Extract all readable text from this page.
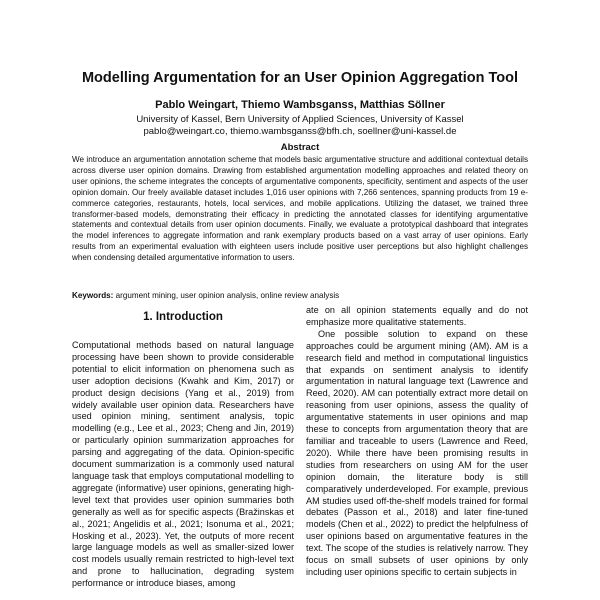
Modelling Argumentation for an User Opinion Aggregation Tool

Pablo Weingart, Thiemo Wambsganss, Matthias Söllner

University of Kassel, Bern University of Applied Sciences, University of Kassel

pablo@weingart.co, thiemo.wambsganss@bfh.ch, soellner@uni-kassel.de

Abstract

We introduce an argumentation annotation scheme that models basic argumentative structure and additional contextual details across diverse user opinion domains. Drawing from established argumentation modelling approaches and related theory on user opinions, the scheme integrates the concepts of argumentative components, specificity, sentiment and aspects of the user opinion domain. Our freely available dataset includes 1,016 user opinions with 7,266 sentences, spanning products from 19 e-commerce categories, restaurants, hotels, local services, and mobile applications. Utilizing the dataset, we trained three transformer-based models, demonstrating their efficacy in predicting the annotated classes for identifying argumentative statements and contextual details from user opinion documents. Finally, we evaluate a prototypical dashboard that integrates the model inferences to aggregate information and rank exemplary products based on a vast array of user opinions. Early results from an experimental evaluation with eighteen users include positive user perceptions but also highlight challenges when condensing detailed argumentative information to users.

Keywords: argument mining, user opinion analysis, online review analysis

1. Introduction

Computational methods based on natural language processing have been shown to provide considerable potential to elicit information on phenomena such as user adoption decisions (Kwahk and Kim, 2017) or product design decisions (Yang et al., 2019) from widely available user opinion data. Researchers have used opinion mining, sentiment analysis, topic modelling (e.g., Lee et al., 2023; Cheng and Jin, 2019) or particularly opinion summarization approaches for parsing and aggregating of the data. Opinion-specific document summarization is a commonly used natural language task that employs computational modelling to aggregate (informative) user opinions, generating high-level text that provides user opinion summaries both generally as well as for specific aspects (Bražinskas et al., 2021; Angelidis et al., 2021; Isonuma et al., 2021; Hosking et al., 2023). Yet, the outputs of more recent large language models as well as smaller-sized lower cost models usually remain restricted to high-level text and prone to hallucination, degrading system performance or introduce biases, among

ate on all opinion statements equally and do not emphasize more qualitative statements.

One possible solution to expand on these approaches could be argument mining (AM). AM is a research field and method in computational linguistics that expands on sentiment analysis to identify argumentation in natural language text (Lawrence and Reed, 2020). AM can potentially extract more detail on reasoning from user opinions, assess the quality of argumentative statements in user opinions and map these to concepts from argumentation theory that are familiar and traceable to users (Lawrence and Reed, 2020). While there have been promising results in studies from researchers on using AM for the user opinion domain, the literature body is still comparatively underdeveloped. For example, previous AM studies used off-the-shelf models trained for formal debates (Passon et al., 2018) and later fine-tuned models (Chen et al., 2022) to predict the helpfulness of user opinions based on argumentative features in the text. The scope of the studies is relatively narrow. They focus on small subsets of user opinions by only including user opinions specific to certain subjects in
